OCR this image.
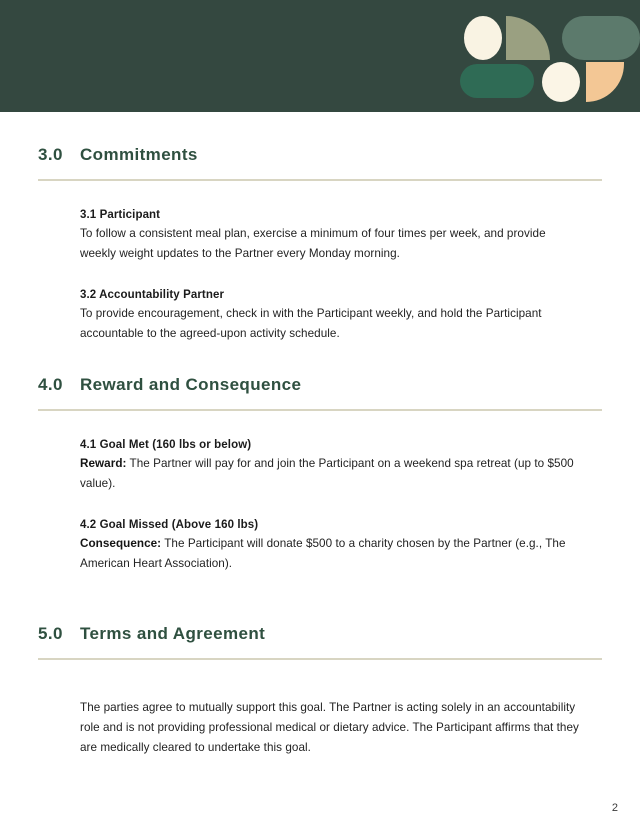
3.0	Commitments
3.1 Participant
To follow a consistent meal plan, exercise a minimum of four times per week, and provide weekly weight updates to the Partner every Monday morning.
3.2 Accountability Partner
To provide encouragement, check in with the Participant weekly, and hold the Participant accountable to the agreed-upon activity schedule.
4.0	Reward and Consequence
4.1 Goal Met (160 lbs or below)
Reward: The Partner will pay for and join the Participant on a weekend spa retreat (up to $500 value).
4.2 Goal Missed (Above 160 lbs)
Consequence: The Participant will donate $500 to a charity chosen by the Partner (e.g., The American Heart Association).
5.0	Terms and Agreement
The parties agree to mutually support this goal. The Partner is acting solely in an accountability role and is not providing professional medical or dietary advice. The Participant affirms that they are medically cleared to undertake this goal.
2
